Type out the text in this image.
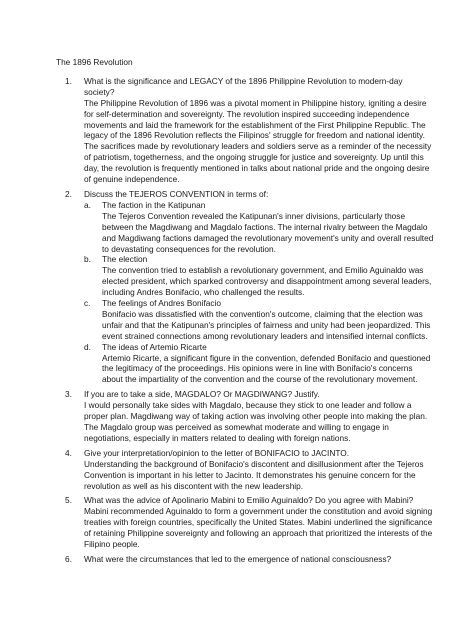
The 1896 Revolution
1. What is the significance and LEGACY of the 1896 Philippine Revolution to modern-day society?

The Philippine Revolution of 1896 was a pivotal moment in Philippine history, igniting a desire for self-determination and sovereignty. The revolution inspired succeeding independence movements and laid the framework for the establishment of the First Philippine Republic. The legacy of the 1896 Revolution reflects the Filipinos' struggle for freedom and national identity. The sacrifices made by revolutionary leaders and soldiers serve as a reminder of the necessity of patriotism, togetherness, and the ongoing struggle for justice and sovereignty. Up until this day, the revolution is frequently mentioned in talks about national pride and the ongoing desire of genuine independence.

2. Discuss the TEJEROS CONVENTION in terms of:

a. The faction in the Katipunan

The Tejeros Convention revealed the Katipunan's inner divisions, particularly those between the Magdiwang and Magdalo factions. The internal rivalry between the Magdalo and Magdiwang factions damaged the revolutionary movement's unity and overall resulted to devastating consequences for the revolution.

b. The election

The convention tried to establish a revolutionary government, and Emilio Aguinaldo was elected president, which sparked controversy and disappointment among several leaders, including Andres Bonifacio, who challenged the results.

c. The feelings of Andres Bonifacio

Bonifacio was dissatisfied with the convention's outcome, claiming that the election was unfair and that the Katipunan's principles of fairness and unity had been jeopardized. This event strained connections among revolutionary leaders and intensified internal conflicts.

d. The ideas of Artemio Ricarte

Artemio Ricarte, a significant figure in the convention, defended Bonifacio and questioned the legitimacy of the proceedings. His opinions were in line with Bonifacio's concerns about the impartiality of the convention and the course of the revolutionary movement.

3. If you are to take a side, MAGDALO? Or MAGDIWANG? Justify.

I would personally take sides with Magdalo, because they stick to one leader and follow a proper plan. Magdiwang way of taking action was involving other people into making the plan. The Magdalo group was perceived as somewhat moderate and willing to engage in negotiations, especially in matters related to dealing with foreign nations.

4. Give your interpretation/opinion to the letter of BONIFACIO to JACINTO.

Understanding the background of Bonifacio's discontent and disillusionment after the Tejeros Convention is important in his letter to Jacinto. It demonstrates his genuine concern for the revolution as well as his discontent with the new leadership.

5. What was the advice of Apolinario Mabini to Emilio Aguinaldo? Do you agree with Mabini?

Mabini recommended Aguinaldo to form a government under the constitution and avoid signing treaties with foreign countries, specifically the United States. Mabini underlined the significance of retaining Philippine sovereignty and following an approach that prioritized the interests of the Filipino people.

6. What were the circumstances that led to the emergence of national consciousness?
